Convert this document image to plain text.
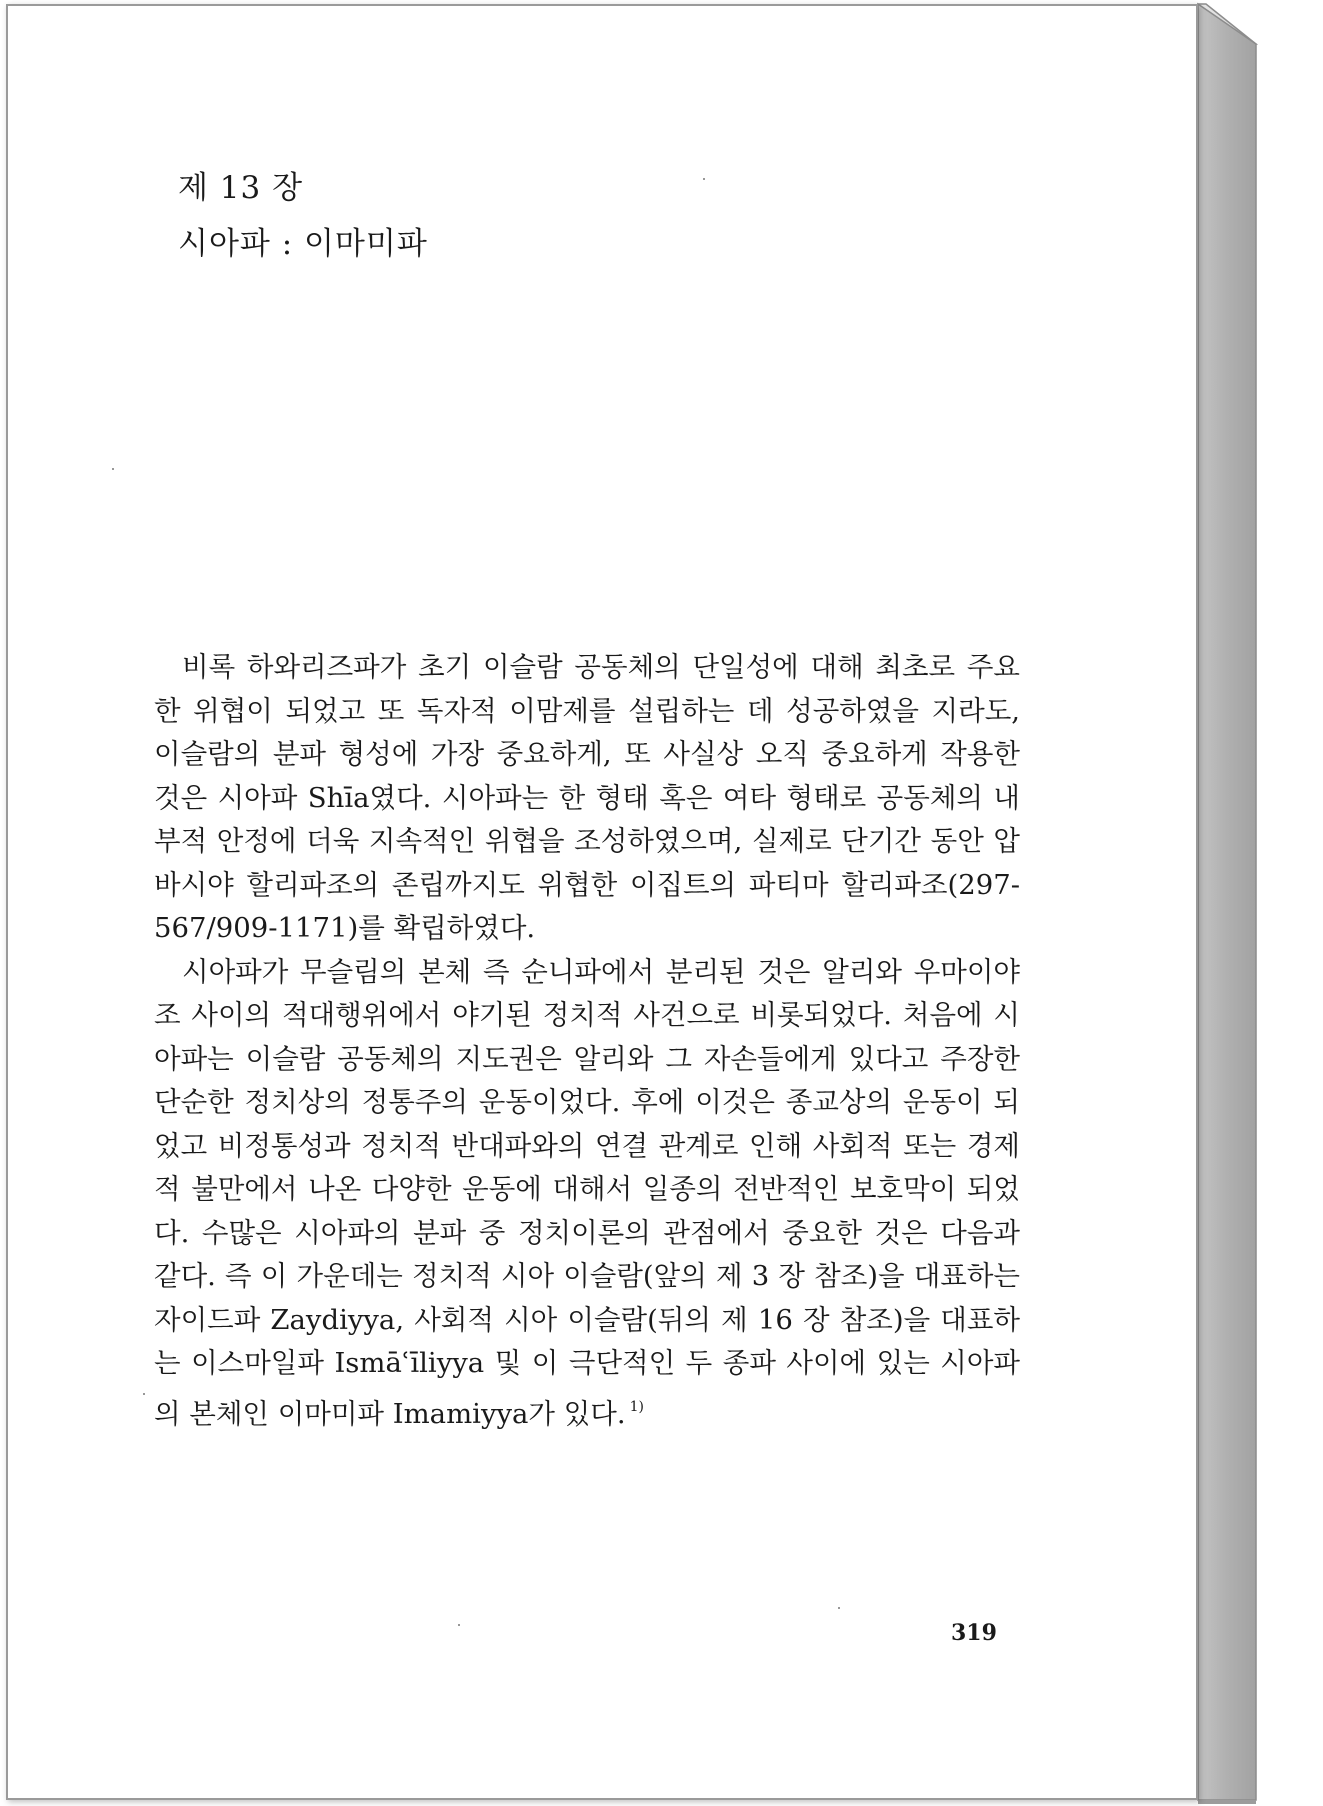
제 13 장
시아파 : 이마미파

비록 하와리즈파가 초기 이슬람 공동체의 단일성에 대해 최초로 주요한 위협이 되었고 또 독자적 이맘제를 설립하는 데 성공하였을 지라도, 이슬람의 분파 형성에 가장 중요하게, 또 사실상 오직 중요하게 작용한 것은 시아파 Shīa였다. 시아파는 한 형태 혹은 여타 형태로 공동체의 내부적 안정에 더욱 지속적인 위협을 조성하였으며, 실제로 단기간 동안 압바시야 할리파조의 존립까지도 위협한 이집트의 파티마 할리파조(297-567/909-1171)를 확립하였다.

시아파가 무슬림의 본체 즉 순니파에서 분리된 것은 알리와 우마이야조 사이의 적대행위에서 야기된 정치적 사건으로 비롯되었다. 처음에 시아파는 이슬람 공동체의 지도권은 알리와 그 자손들에게 있다고 주장한 단순한 정치상의 정통주의 운동이었다. 후에 이것은 종교상의 운동이 되었고 비정통성과 정치적 반대파와의 연결 관계로 인해 사회적 또는 경제적 불만에서 나온 다양한 운동에 대해서 일종의 전반적인 보호막이 되었다. 수많은 시아파의 분파 중 정치이론의 관점에서 중요한 것은 다음과 같다. 즉 이 가운데는 정치적 시아 이슬람(앞의 제 3 장 참조)을 대표하는 자이드파 Zaydiyya, 사회적 시아 이슬람(뒤의 제 16 장 참조)을 대표하는 이스마일파 Ismāʿīliyya 및 이 극단적인 두 종파 사이에 있는 시아파의 본체인 이마미파 Imamiyya가 있다. $^{1)}$

319
